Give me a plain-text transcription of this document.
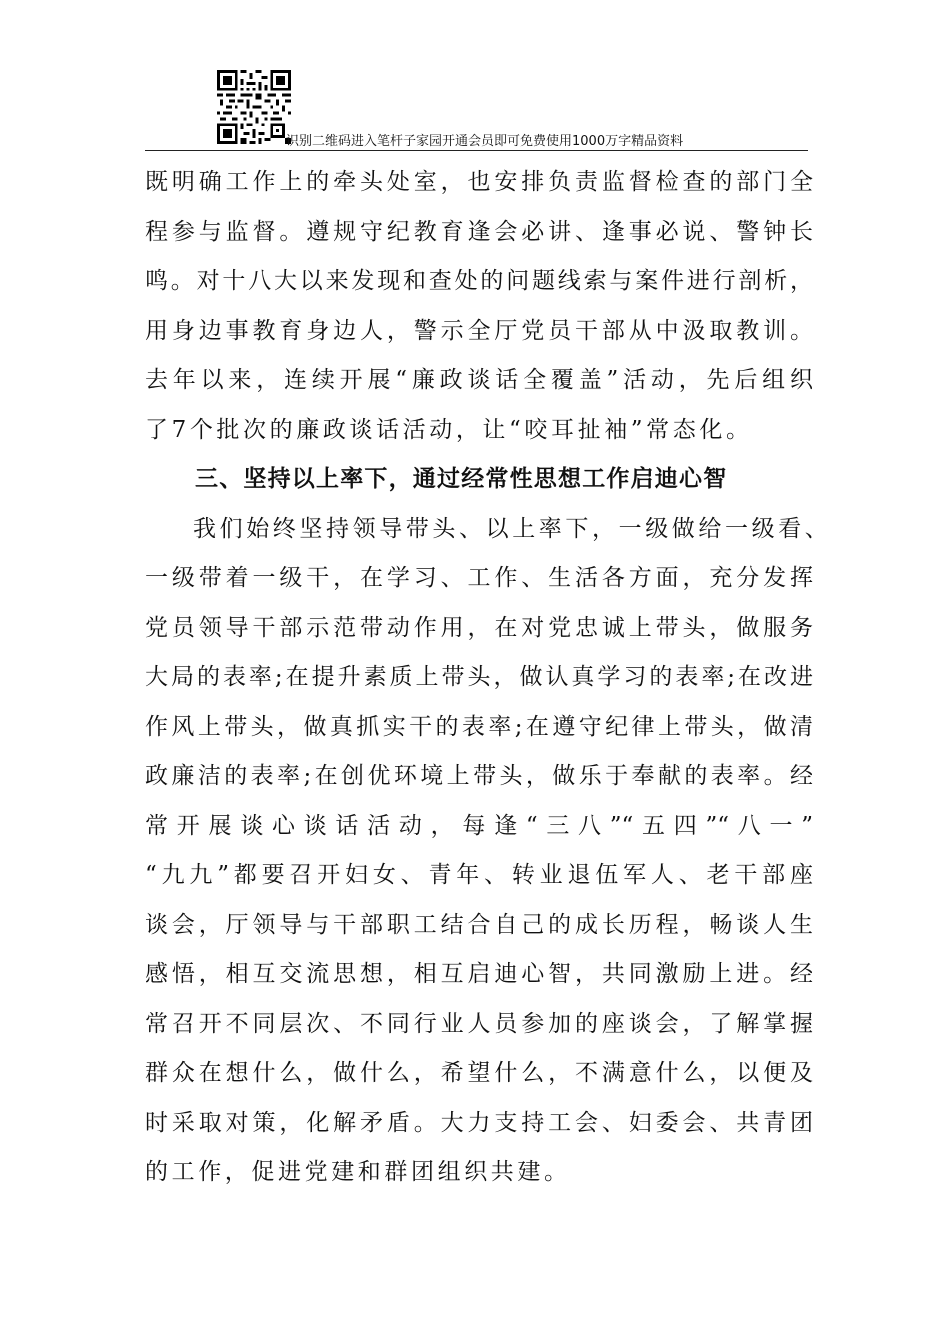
识别二维码进入笔杆子家园开通会员即可免费使用1000万字精品资料
既明确工作上的牵头处室，也安排负责监督检查的部门全
程参与监督。遵规守纪教育逢会必讲、逢事必说、警钟长
鸣。对十八大以来发现和查处的问题线索与案件进行剖析，
用身边事教育身边人，警示全厅党员干部从中汲取教训。
去年以来，连续开展“廉政谈话全覆盖”活动，先后组织
了7个批次的廉政谈话活动，让“咬耳扯袖”常态化。
三、坚持以上率下，通过经常性思想工作启迪心智
我们始终坚持领导带头、以上率下，一级做给一级看、
一级带着一级干，在学习、工作、生活各方面，充分发挥
党员领导干部示范带动作用，在对党忠诚上带头，做服务
大局的表率;在提升素质上带头，做认真学习的表率;在改进
作风上带头，做真抓实干的表率;在遵守纪律上带头，做清
政廉洁的表率;在创优环境上带头，做乐于奉献的表率。经
常开展谈心谈话活动，每逢“三八”“五四”“八一”
“九九”都要召开妇女、青年、转业退伍军人、老干部座
谈会，厅领导与干部职工结合自己的成长历程，畅谈人生
感悟，相互交流思想，相互启迪心智，共同激励上进。经
常召开不同层次、不同行业人员参加的座谈会，了解掌握
群众在想什么，做什么，希望什么，不满意什么，以便及
时采取对策，化解矛盾。大力支持工会、妇委会、共青团
的工作，促进党建和群团组织共建。
